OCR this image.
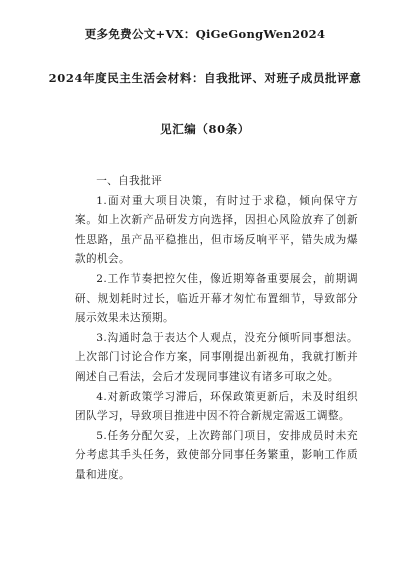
更多免费公文+VX：QiGeGongWen2024
2024年度民主生活会材料：自我批评、对班子成员批评意
见汇编（80条）

一、自我批评

1.面对重大项目决策，有时过于求稳，倾向保守方案。如上次新产品研发方向选择，因担心风险放弃了创新性思路，虽产品平稳推出，但市场反响平平，错失成为爆款的机会。

2.工作节奏把控欠佳，像近期筹备重要展会，前期调研、规划耗时过长，临近开幕才匆忙布置细节，导致部分展示效果未达预期。

3.沟通时急于表达个人观点，没充分倾听同事想法。上次部门讨论合作方案，同事刚提出新视角，我就打断并阐述自己看法，会后才发现同事建议有诸多可取之处。

4.对新政策学习滞后，环保政策更新后，未及时组织团队学习，导致项目推进中因不符合新规定需返工调整。

5.任务分配欠妥，上次跨部门项目，安排成员时未充分考虑其手头任务，致使部分同事任务繁重，影响工作质量和进度。
